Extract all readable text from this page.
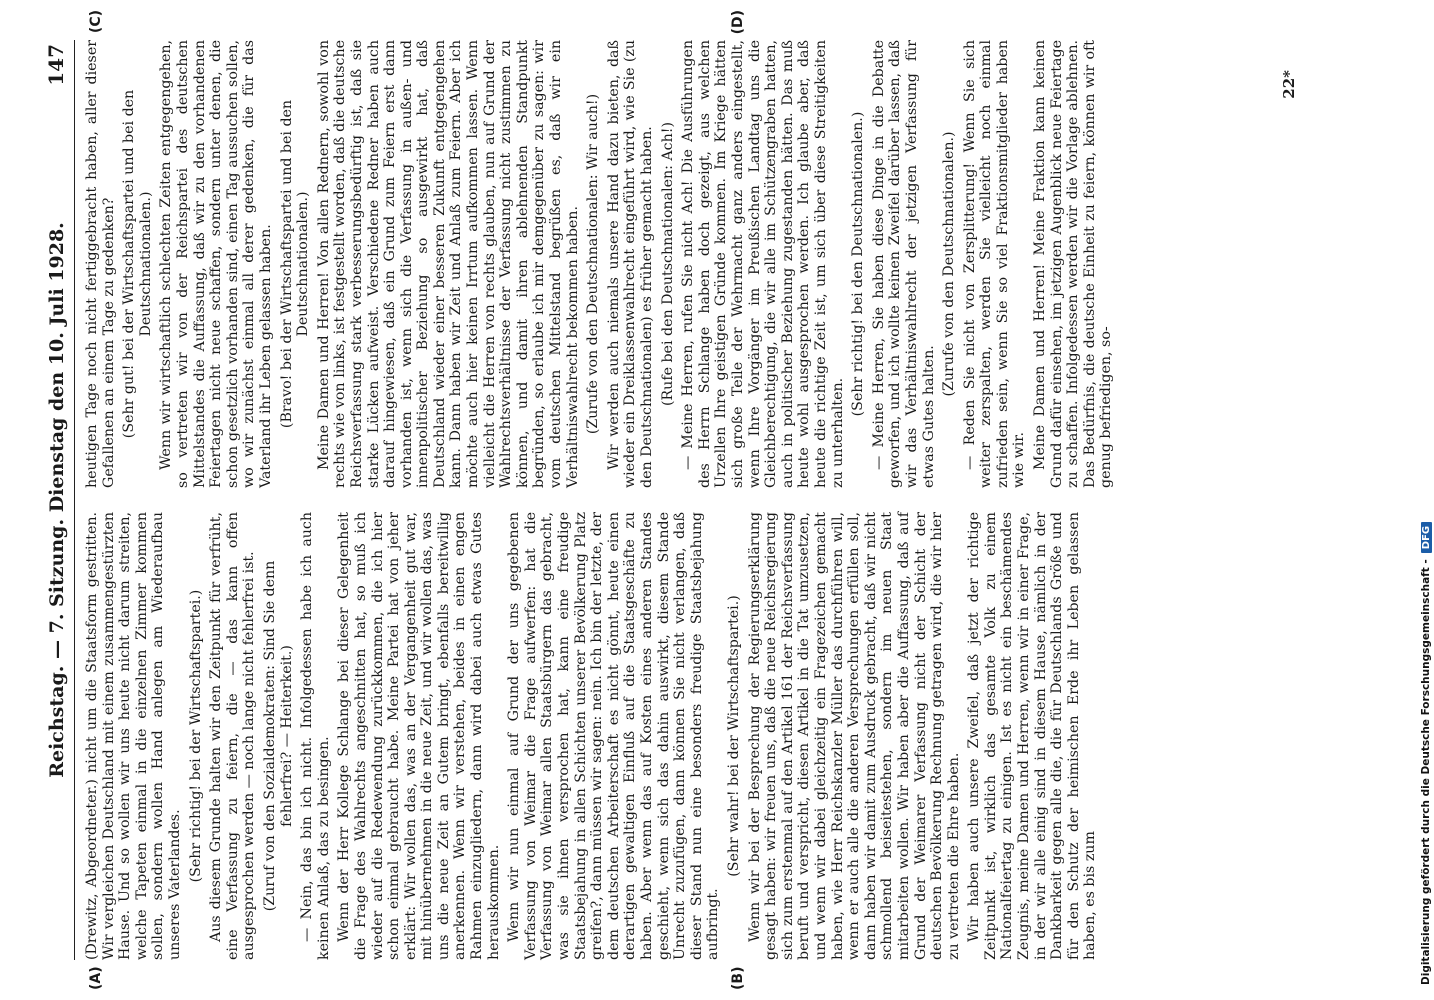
Reichstag. — 7. Sitzung. Dienstag den 10. Juli 1928.
147
(A)	(B)
(C)	(D)

(Drewitz, Abgeordneter.) nicht um die Staatsform gestritten. Wir vergleichen Deutschland mit einem zusammengestürzten Hause. Und so wollen wir uns heute nicht darum streiten, welche Tapeten einmal in die einzelnen Zimmer kommen sollen, sondern wollen Hand anlegen am Wiederaufbau unseres Vaterlandes.

(Sehr richtig! bei der Wirtschaftspartei.) Aus diesem Grunde halten wir den Zeitpunkt für verfrüht, eine Verfassung zu feiern, die — das kann offen ausgesprochen werden — noch lange nicht fehlerfrei ist. (Zuruf von den Sozialdemokraten: Sind Sie denn fehlerfrei? — Heiterkeit.) — Nein, das bin ich nicht. Infolgedessen habe ich auch keinen Anlaß, das zu besingen. Wenn der Herr Kollege Schlange bei dieser Gelegenheit die Frage des Wahlrechts angeschnitten hat, so muß ich wieder auf die Redewendung zurückkommen, die ich hier schon einmal gebraucht habe. Meine Partei hat von jeher erklärt: Wir wollen das, was an der Vergangenheit gut war, mit hinübernehmen in die neue Zeit, und wir wollen das, was uns die neue Zeit an Gutem bringt, ebenfalls bereitwillig anerkennen. Wenn wir verstehen, beides in einen engen Rahmen einzugliedern, dann wird dabei auch etwas Gutes herauskommen. Wenn wir nun einmal auf Grund der uns gegebenen Verfassung von Weimar die Frage aufwerfen: hat die Verfassung von Weimar allen Staatsbürgern das gebracht, was sie ihnen versprochen hat, kann eine freudige Staatsbejahung in allen Schichten unserer Bevölkerung Platz greifen?, dann müssen wir sagen: nein. Ich bin der letzte, der dem deutschen Arbeiterschaft es nicht gönnt, heute einen derartigen gewaltigen Einfluß auf die Staatsgeschäfte zu haben. Aber wenn das auf Kosten eines anderen Standes geschieht, wenn sich das dahin auswirkt, diesem Stande Unrecht zuzufügen, dann können Sie nicht verlangen, daß dieser Stand nun eine besonders freudige Staatsbejahung aufbringt.

(Sehr wahr! bei der Wirtschaftspartei.) Wenn wir bei der Besprechung der Regierungserklärung gesagt haben: wir freuen uns, daß die neue Reichsregierung sich zum erstenmal auf den Artikel 161 der Reichsverfassung beruft und verspricht, diesen Artikel in die Tat umzusetzen, und wenn wir dabei gleichzeitig ein Fragezeichen gemacht haben, wie Herr Reichskanzler Müller das durchführen will, wenn er auch alle die anderen Versprechungen erfüllen soll, dann haben wir damit zum Ausdruck gebracht, daß wir nicht schmollend beiseitestehen, sondern im neuen Staat mitarbeiten wollen. Wir haben aber die Auffassung, daß auf Grund der Weimarer Verfassung nicht der Schicht der deutschen Bevölkerung Rechnung getragen wird, die wir hier zu vertreten die Ehre haben. Wir haben auch unsere Zweifel, daß jetzt der richtige Zeitpunkt ist, wirklich das gesamte Volk zu einem Nationalfeiertag zu einigen. Ist es nicht ein beschämendes Zeugnis, meine Damen und Herren, wenn wir in einer Frage, in der wir alle einig sind in diesem Hause, nämlich in der Dankbarkeit gegen alle die, die für Deutschlands Größe und für den Schutz der heimischen Erde ihr Leben gelassen haben, es bis zum

heutigen Tage noch nicht fertiggebracht haben, aller dieser Gefallenen an einem Tage zu gedenken? (Sehr gut! bei der Wirtschaftspartei und bei den Deutschnationalen.) Wenn wir wirtschaftlich schlechten Zeiten entgegengehen, so vertreten wir von der Reichspartei des deutschen Mittelstandes die Auffassung, daß wir zu den vorhandenen Feiertagen nicht neue schaffen, sondern unter denen, die schon gesetzlich vorhanden sind, einen Tag aussuchen sollen, wo wir zunächst einmal all derer gedenken, die für das Vaterland ihr Leben gelassen haben. (Bravo! bei der Wirtschaftspartei und bei den Deutschnationalen.) Meine Damen und Herren! Von allen Rednern, sowohl von rechts wie von links, ist festgestellt worden, daß die deutsche Reichsverfassung stark verbesserungsbedürftig ist, daß sie starke Lücken aufweist. Verschiedene Redner haben auch darauf hingewiesen, daß ein Grund zum Feiern erst dann vorhanden ist, wenn sich die Verfassung in außen- und innenpolitischer Beziehung so ausgewirkt hat, daß Deutschland wieder einer besseren Zukunft entgegengehen kann. Dann haben wir Zeit und Anlaß zum Feiern. Aber ich möchte auch hier keinen Irrtum aufkommen lassen. Wenn vielleicht die Herren von rechts glauben, nun auf Grund der Wahlrechtsverhältnisse der Verfassung nicht zustimmen zu können, und damit ihren ablehnenden Standpunkt begründen, so erlaube ich mir demgegenüber zu sagen: wir vom deutschen Mittelstand begrüßen es, daß wir ein Verhältniswahlrecht bekommen haben. (Zurufe von den Deutschnationalen: Wir auch!) Wir werden auch niemals unsere Hand dazu bieten, daß wieder ein Dreiklassenwahlrecht eingeführt wird, wie Sie (zu den Deutschnationalen) es früher gemacht haben. (Rufe bei den Deutschnationalen: Ach!) — Meine Herren, rufen Sie nicht Ach! Die Ausführungen des Herrn Schlange haben doch gezeigt, aus welchen Urzellen Ihre geistigen Gründe kommen. Im Kriege hätten sich große Teile der Wehrmacht ganz anders eingestellt, wenn Ihre Vorgänger im Preußischen Landtag uns die Gleichberechtigung, die wir alle im Schützengraben hatten, auch in politischer Beziehung zugestanden hätten. Das muß heute wohl ausgesprochen werden. Ich glaube aber, daß heute die richtige Zeit ist, um sich über diese Streitigkeiten zu unterhalten.

(Sehr richtig! bei den Deutschnationalen.) — Meine Herren, Sie haben diese Dinge in die Debatte geworfen, und ich wollte keinen Zweifel darüber lassen, daß wir das Verhältniswahlrecht der jetzigen Verfassung für etwas Gutes halten.

(Zurufe von den Deutschnationalen.) — Reden Sie nicht von Zersplitterung! Wenn Sie sich weiter zerspalten, werden Sie vielleicht noch einmal zufrieden sein, wenn Sie so viel Fraktionsmitglieder haben wie wir. Meine Damen und Herren! Meine Fraktion kann keinen Grund dafür einsehen, im jetzigen Augenblick neue Feiertage zu schaffen. Infolgedessen werden wir die Vorlage ablehnen. Das Bedürfnis, die deutsche Einheit zu feiern, können wir oft genug befriedigen, so-

22*
Digitalisierung gefördert durch die Deutsche Forschungsgemeinschaft -
DFG
